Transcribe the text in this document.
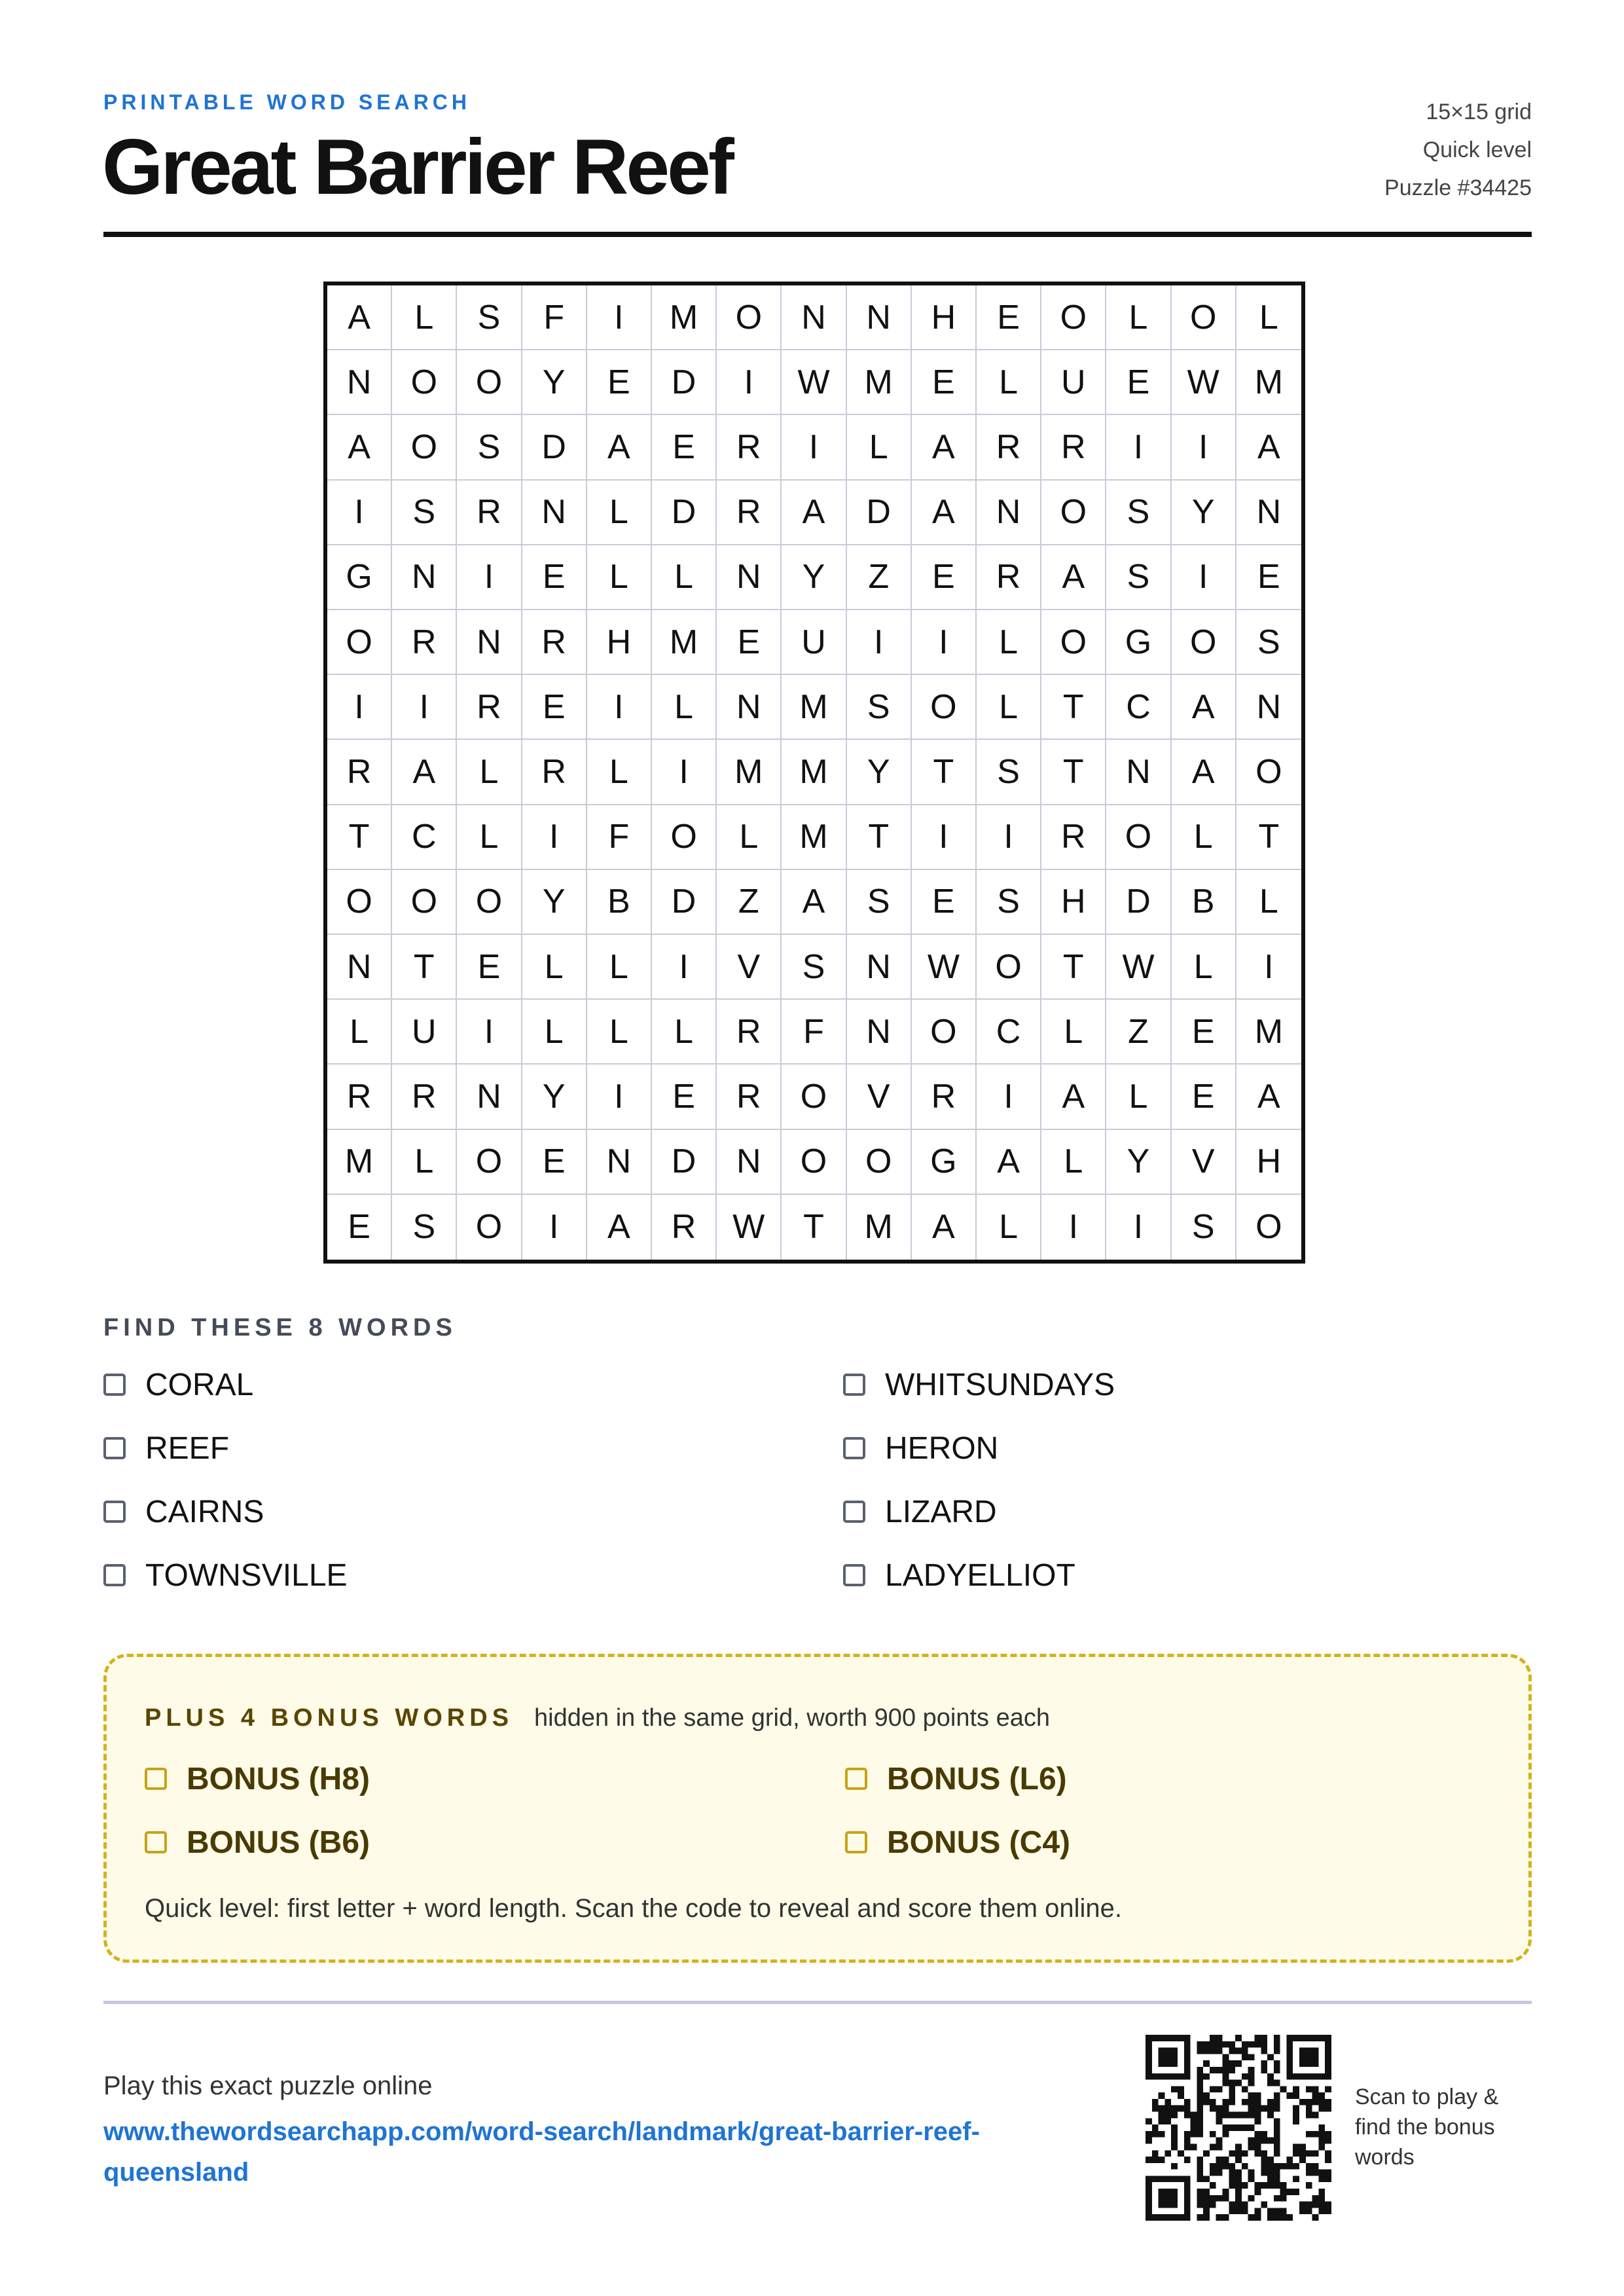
PRINTABLE WORD SEARCH
Great Barrier Reef
15×15 grid
Quick level
Puzzle #34425
A	L	S	F	I	M	O	N	N	H	E	O	L	O	L
N	O	O	Y	E	D	I	W	M	E	L	U	E	W	M
A	O	S	D	A	E	R	I	L	A	R	R	I	I	A
I	S	R	N	L	D	R	A	D	A	N	O	S	Y	N
G	N	I	E	L	L	N	Y	Z	E	R	A	S	I	E
O	R	N	R	H	M	E	U	I	I	L	O	G	O	S
I	I	R	E	I	L	N	M	S	O	L	T	C	A	N
R	A	L	R	L	I	M	M	Y	T	S	T	N	A	O
T	C	L	I	F	O	L	M	T	I	I	R	O	L	T
O	O	O	Y	B	D	Z	A	S	E	S	H	D	B	L
N	T	E	L	L	I	V	S	N	W	O	T	W	L	I
L	U	I	L	L	L	R	F	N	O	C	L	Z	E	M
R	R	N	Y	I	E	R	O	V	R	I	A	L	E	A
M	L	O	E	N	D	N	O	O	G	A	L	Y	V	H
E	S	O	I	A	R	W	T	M	A	L	I	I	S	O
FIND THESE 8 WORDS
CORAL	WHITSUNDAYS
REEF	HERON
CAIRNS	LIZARD
TOWNSVILLE	LADYELLIOT
PLUS 4 BONUS WORDS hidden in the same grid, worth 900 points each
BONUS (H8)	BONUS (L6)
BONUS (B6)	BONUS (C4)
Quick level: first letter + word length. Scan the code to reveal and score them online.
Play this exact puzzle online
www.thewordsearchapp.com/word-search/landmark/great-barrier-reef-queensland
Scan to play & find the bonus words
